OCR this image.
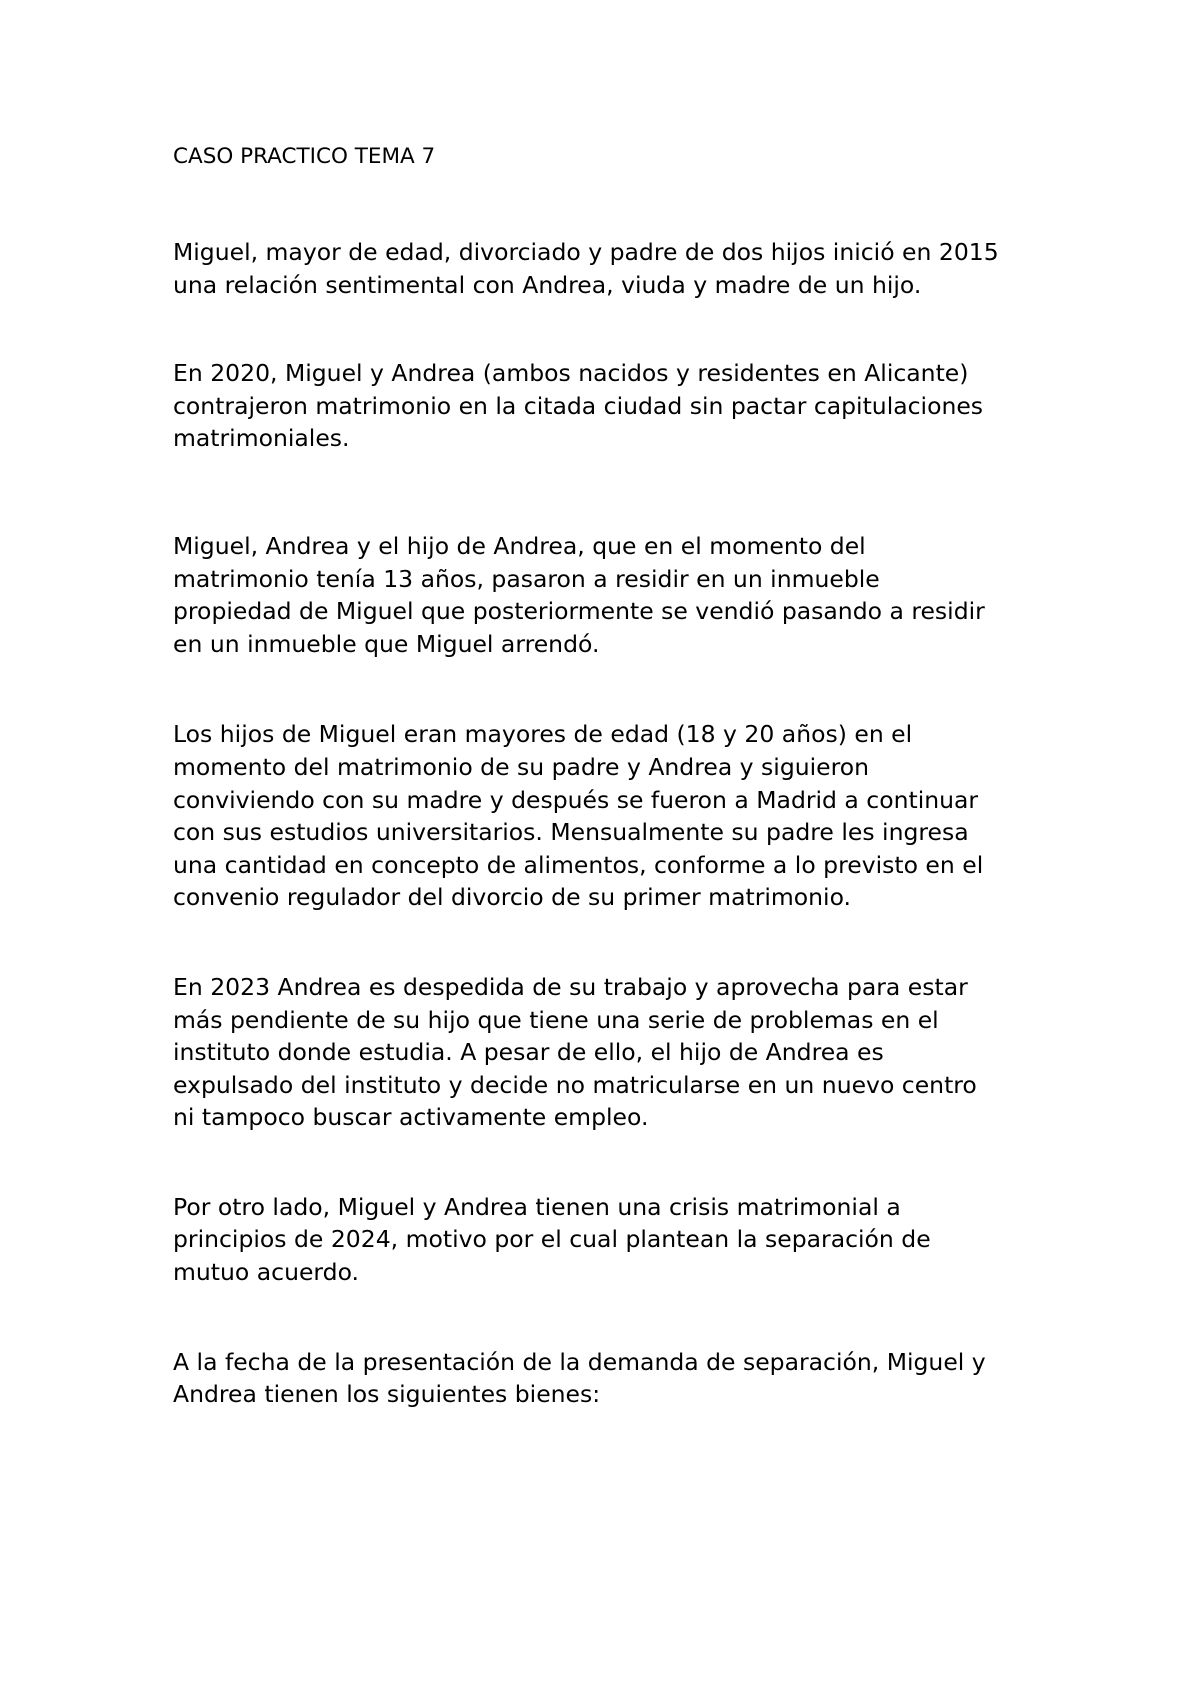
CASO PRACTICO TEMA 7

Miguel, mayor de edad, divorciado y padre de dos hijos inició en 2015
una relación sentimental con Andrea, viuda y madre de un hijo.

En 2020, Miguel y Andrea (ambos nacidos y residentes en Alicante)
contrajeron matrimonio en la citada ciudad sin pactar capitulaciones
matrimoniales.

Miguel, Andrea y el hijo de Andrea, que en el momento del
matrimonio tenía 13 años, pasaron a residir en un inmueble
propiedad de Miguel que posteriormente se vendió pasando a residir
en un inmueble que Miguel arrendó.

Los hijos de Miguel eran mayores de edad (18 y 20 años) en el
momento del matrimonio de su padre y Andrea y siguieron
conviviendo con su madre y después se fueron a Madrid a continuar
con sus estudios universitarios. Mensualmente su padre les ingresa
una cantidad en concepto de alimentos, conforme a lo previsto en el
convenio regulador del divorcio de su primer matrimonio.

En 2023 Andrea es despedida de su trabajo y aprovecha para estar
más pendiente de su hijo que tiene una serie de problemas en el
instituto donde estudia. A pesar de ello, el hijo de Andrea es
expulsado del instituto y decide no matricularse en un nuevo centro
ni tampoco buscar activamente empleo.

Por otro lado, Miguel y Andrea tienen una crisis matrimonial a
principios de 2024, motivo por el cual plantean la separación de
mutuo acuerdo.

A la fecha de la presentación de la demanda de separación, Miguel y
Andrea tienen los siguientes bienes:
